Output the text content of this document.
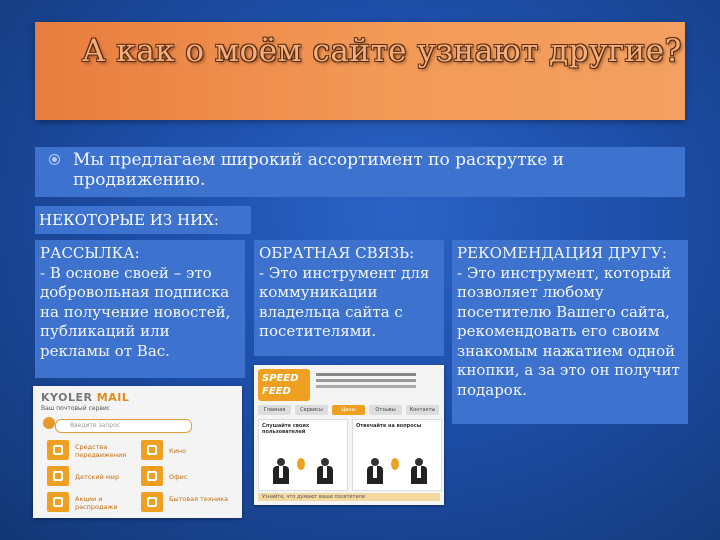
А как о моём сайте узнают другие?
Мы предлагаем широкий ассортимент по раскрутке и продвижению.
НЕКОТОРЫЕ ИЗ НИХ:
РАССЫЛКА:
- В основе своей – это добровольная подписка на получение новостей, публикаций или рекламы от Вас.
ОБРАТНАЯ СВЯЗЬ:
- Это инструмент для коммуникации владельца сайта с посетителями.
РЕКОМЕНДАЦИЯ ДРУГУ:
- Это инструмент, который позволяет любому посетителю Вашего сайта, рекомендовать его своим знакомым нажатием одной кнопки, а за это он получит подарок.
KYOLER MAIL
Ваш почтовый сервис
Введите запрос
Средства передвижения	Кино
Детский мир	Офис
Акции и распродажи
Бытовая техника
SPEED FEED
Главная	Сервисы	Цены	Отзывы	Контакты
Слушайте своих пользователей
Отвечайте на вопросы
Узнайте, что думают ваши посетители
